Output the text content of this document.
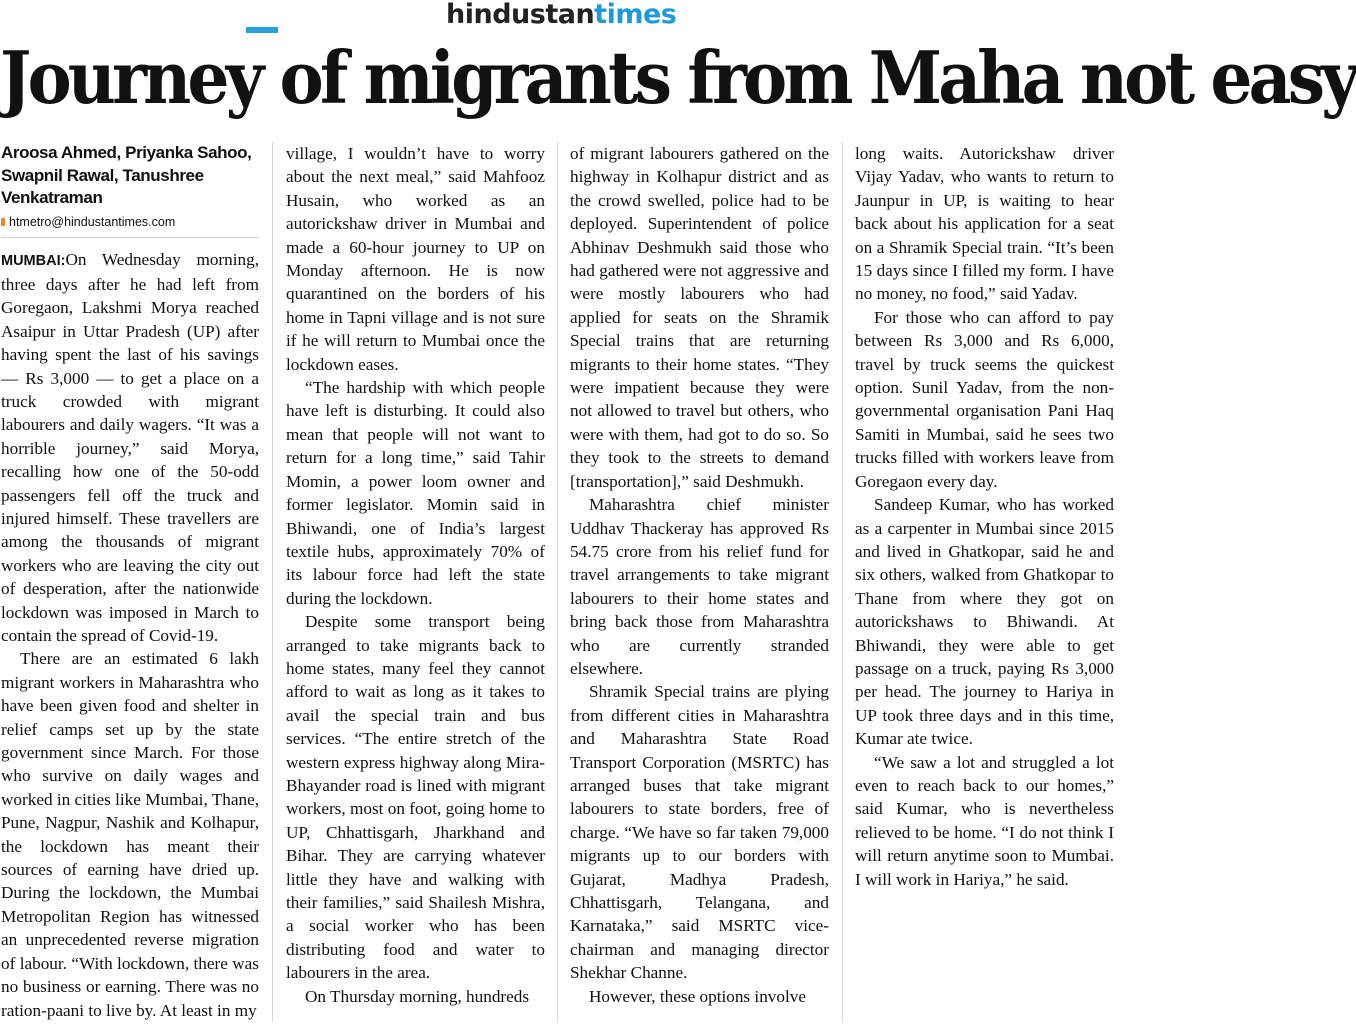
hindustantimes
Journey of migrants from Maha not easy
Aroosa Ahmed, Priyanka Sahoo, Swapnil Rawal, Tanushree Venkatraman
htmetro@hindustantimes.com

MUMBAI:On Wednesday morning, three days after he had left from Goregaon, Lakshmi Morya reached Asaipur in Uttar Pradesh (UP) after having spent the last of his savings — Rs 3,000 — to get a place on a truck crowded with migrant labourers and daily wagers. “It was a horrible journey,” said Morya, recalling how one of the 50-odd passengers fell off the truck and injured himself. These travellers are among the thousands of migrant workers who are leaving the city out of desperation, after the nationwide lockdown was imposed in March to contain the spread of Covid-19.

There are an estimated 6 lakh migrant workers in Maharashtra who have been given food and shelter in relief camps set up by the state government since March. For those who survive on daily wages and worked in cities like Mumbai, Thane, Pune, Nagpur, Nashik and Kolhapur, the lockdown has meant their sources of earning have dried up. During the lockdown, the Mumbai Metropolitan Region has witnessed an unprecedented reverse migration of labour. “With lockdown, there was no business or earning. There was no ration-paani to live by. At least in my

village, I wouldn’t have to worry about the next meal,” said Mahfooz Husain, who worked as an autorickshaw driver in Mumbai and made a 60-hour journey to UP on Monday afternoon. He is now quarantined on the borders of his home in Tapni village and is not sure if he will return to Mumbai once the lockdown eases.

“The hardship with which people have left is disturbing. It could also mean that people will not want to return for a long time,” said Tahir Momin, a power loom owner and former legislator. Momin said in Bhiwandi, one of India’s largest textile hubs, approximately 70% of its labour force had left the state during the lockdown.

Despite some transport being arranged to take migrants back to home states, many feel they cannot afford to wait as long as it takes to avail the special train and bus services. “The entire stretch of the western express highway along Mira-Bhayander road is lined with migrant workers, most on foot, going home to UP, Chhattisgarh, Jharkhand and Bihar. They are carrying whatever little they have and walking with their families,” said Shailesh Mishra, a social worker who has been distributing food and water to labourers in the area.

On Thursday morning, hundreds

of migrant labourers gathered on the highway in Kolhapur district and as the crowd swelled, police had to be deployed. Superintendent of police Abhinav Deshmukh said those who had gathered were not aggressive and were mostly labourers who had applied for seats on the Shramik Special trains that are returning migrants to their home states. “They were impatient because they were not allowed to travel but others, who were with them, had got to do so. So they took to the streets to demand [transportation],” said Deshmukh.

Maharashtra chief minister Uddhav Thackeray has approved Rs 54.75 crore from his relief fund for travel arrangements to take migrant labourers to their home states and bring back those from Maharashtra who are currently stranded elsewhere.

Shramik Special trains are plying from different cities in Maharashtra and Maharashtra State Road Transport Corporation (MSRTC) has arranged buses that take migrant labourers to state borders, free of charge. “We have so far taken 79,000 migrants up to our borders with Gujarat, Madhya Pradesh, Chhattisgarh, Telangana, and Karnataka,” said MSRTC vice-chairman and managing director Shekhar Channe.

However, these options involve

long waits. Autorickshaw driver Vijay Yadav, who wants to return to Jaunpur in UP, is waiting to hear back about his application for a seat on a Shramik Special train. “It’s been 15 days since I filled my form. I have no money, no food,” said Yadav.

For those who can afford to pay between Rs 3,000 and Rs 6,000, travel by truck seems the quickest option. Sunil Yadav, from the non-governmental organisation Pani Haq Samiti in Mumbai, said he sees two trucks filled with workers leave from Goregaon every day.

Sandeep Kumar, who has worked as a carpenter in Mumbai since 2015 and lived in Ghatkopar, said he and six others, walked from Ghatkopar to Thane from where they got on autorickshaws to Bhiwandi. At Bhiwandi, they were able to get passage on a truck, paying Rs 3,000 per head. The journey to Hariya in UP took three days and in this time, Kumar ate twice.

“We saw a lot and struggled a lot even to reach back to our homes,” said Kumar, who is nevertheless relieved to be home. “I do not think I will return anytime soon to Mumbai. I will work in Hariya,” he said.
